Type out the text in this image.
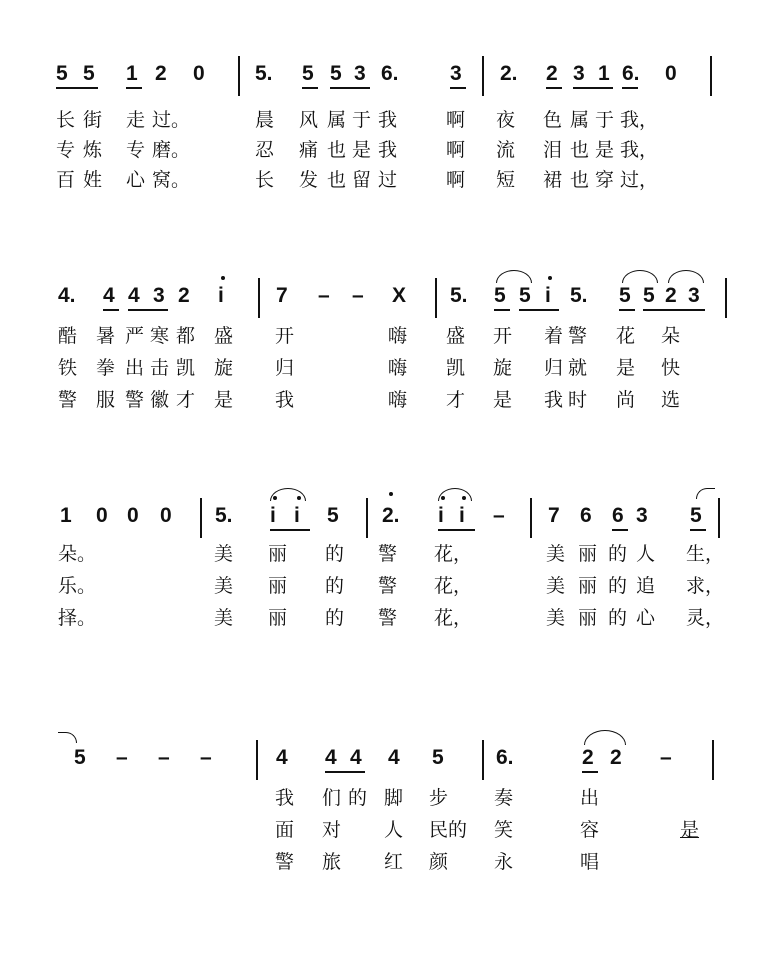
5 5 1 2 0 5. 5 5 3 6. 3 2. 2 3 1 6. 0
长 街 走 过。	晨 风 属 于 我	啊 夜 色 属 于 我，
专 炼 专 磨。	忍 痛 也 是 我	啊 流 泪 也 是 我，
百 姓 心 窝。	长 发 也 留 过	啊 短 裙 也 穿 过，
4. 4 4 3 2 i 7 – – X 5. 5 5 i 5. 5 5 2 3
酷 暑 严 寒 都 盛 开	嗨 盛 开 着 警 花 朵
铁 拳 出 击 凯 旋 归	嗨 凯 旋 归 就 是 快
警 服 警 徽 才 是 我	嗨 才 是 我 时 尚 选
1 0 0 0 5. i i 5 2. i i – 7 6 6 3 5
朵。	美 丽 的 警 花，	美 丽 的 人 生，
乐。	美 丽 的 警 花，	美 丽 的 追 求，
择。	美 丽 的 警 花，	美 丽 的 心 灵，
5 – – –	4 4 4 4 5 6.	2 2 –
我 们 的 脚 步 奏	出
面 对 人 民的 笑	容	是
警 旅 红 颜 永	唱
